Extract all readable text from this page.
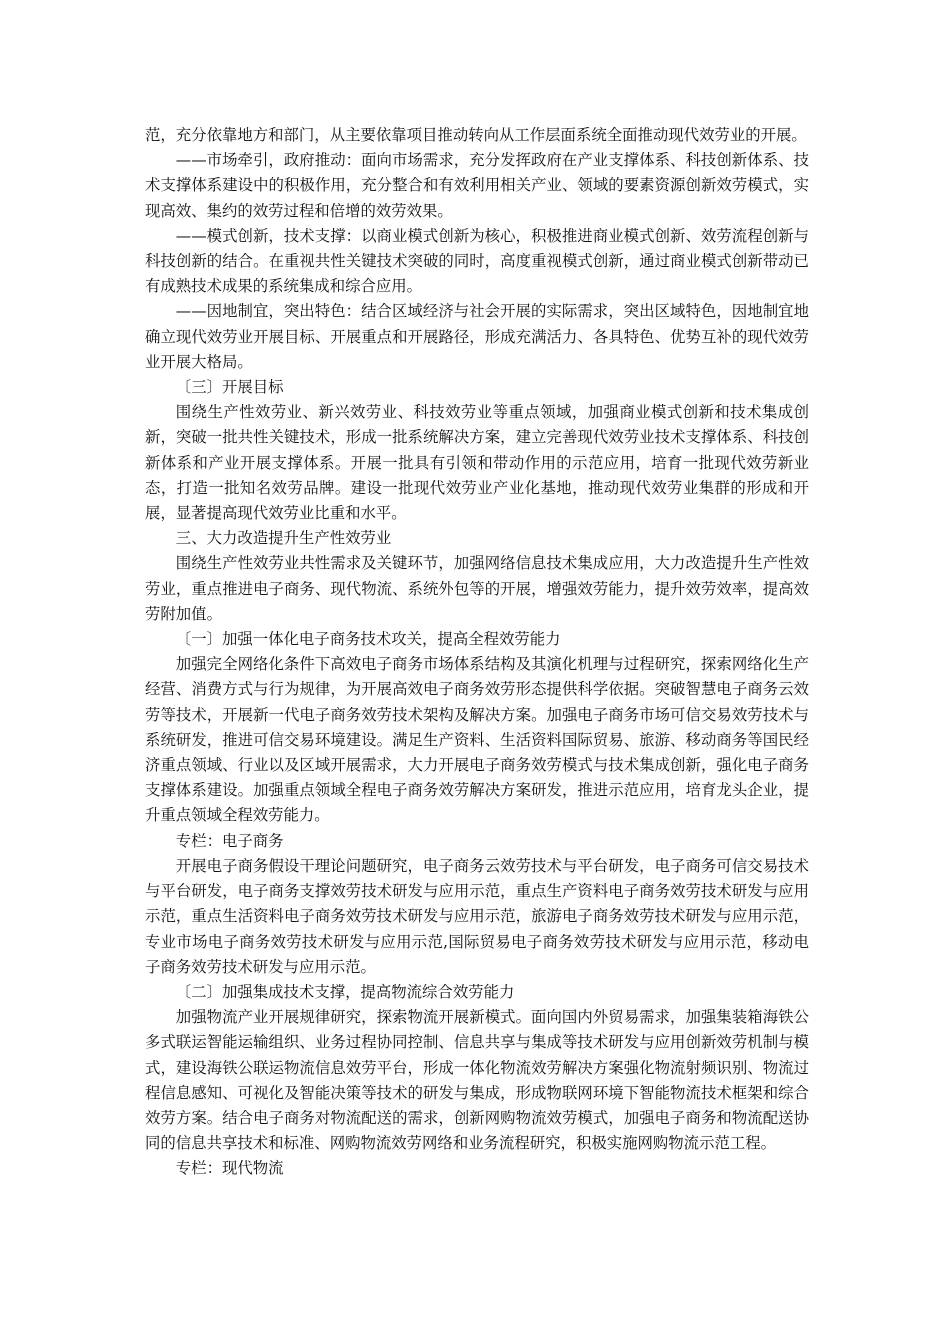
范，充分依靠地方和部门，从主要依靠项目推动转向从工作层面系统全面推动现代效劳业的开展。

——市场牵引，政府推动：面向市场需求，充分发挥政府在产业支撑体系、科技创新体系、技术支撑体系建设中的积极作用，充分整合和有效利用相关产业、领域的要素资源创新效劳模式，实现高效、集约的效劳过程和倍增的效劳效果。

——模式创新，技术支撑：以商业模式创新为核心，积极推进商业模式创新、效劳流程创新与科技创新的结合。在重视共性关键技术突破的同时，高度重视模式创新，通过商业模式创新带动已有成熟技术成果的系统集成和综合应用。

——因地制宜，突出特色：结合区域经济与社会开展的实际需求，突出区域特色，因地制宜地确立现代效劳业开展目标、开展重点和开展路径，形成充满活力、各具特色、优势互补的现代效劳业开展大格局。

〔三〕开展目标

围绕生产性效劳业、新兴效劳业、科技效劳业等重点领域，加强商业模式创新和技术集成创新，突破一批共性关键技术，形成一批系统解决方案，建立完善现代效劳业技术支撑体系、科技创新体系和产业开展支撑体系。开展一批具有引领和带动作用的示范应用，培育一批现代效劳新业态，打造一批知名效劳品牌。建设一批现代效劳业产业化基地，推动现代效劳业集群的形成和开展，显著提高现代效劳业比重和水平。

三、大力改造提升生产性效劳业

围绕生产性效劳业共性需求及关键环节，加强网络信息技术集成应用，大力改造提升生产性效劳业，重点推进电子商务、现代物流、系统外包等的开展，增强效劳能力，提升效劳效率，提高效劳附加值。

〔一〕加强一体化电子商务技术攻关，提高全程效劳能力

加强完全网络化条件下高效电子商务市场体系结构及其演化机理与过程研究，探索网络化生产经营、消费方式与行为规律，为开展高效电子商务效劳形态提供科学依据。突破智慧电子商务云效劳等技术，开展新一代电子商务效劳技术架构及解决方案。加强电子商务市场可信交易效劳技术与系统研发，推进可信交易环境建设。满足生产资料、生活资料国际贸易、旅游、移动商务等国民经济重点领域、行业以及区域开展需求，大力开展电子商务效劳模式与技术集成创新，强化电子商务支撑体系建设。加强重点领域全程电子商务效劳解决方案研发，推进示范应用，培育龙头企业，提升重点领域全程效劳能力。

专栏：电子商务

开展电子商务假设干理论问题研究，电子商务云效劳技术与平台研发，电子商务可信交易技术与平台研发，电子商务支撑效劳技术研发与应用示范，重点生产资料电子商务效劳技术研发与应用示范，重点生活资料电子商务效劳技术研发与应用示范，旅游电子商务效劳技术研发与应用示范，专业市场电子商务效劳技术研发与应用示范,国际贸易电子商务效劳技术研发与应用示范，移动电子商务效劳技术研发与应用示范。

〔二〕加强集成技术支撑，提高物流综合效劳能力

加强物流产业开展规律研究，探索物流开展新模式。面向国内外贸易需求，加强集装箱海铁公多式联运智能运输组织、业务过程协同控制、信息共享与集成等技术研发与应用创新效劳机制与模式，建设海铁公联运物流信息效劳平台，形成一体化物流效劳解决方案强化物流射频识别、物流过程信息感知、可视化及智能决策等技术的研发与集成，形成物联网环境下智能物流技术框架和综合效劳方案。结合电子商务对物流配送的需求，创新网购物流效劳模式，加强电子商务和物流配送协同的信息共享技术和标准、网购物流效劳网络和业务流程研究，积极实施网购物流示范工程。

专栏：现代物流
